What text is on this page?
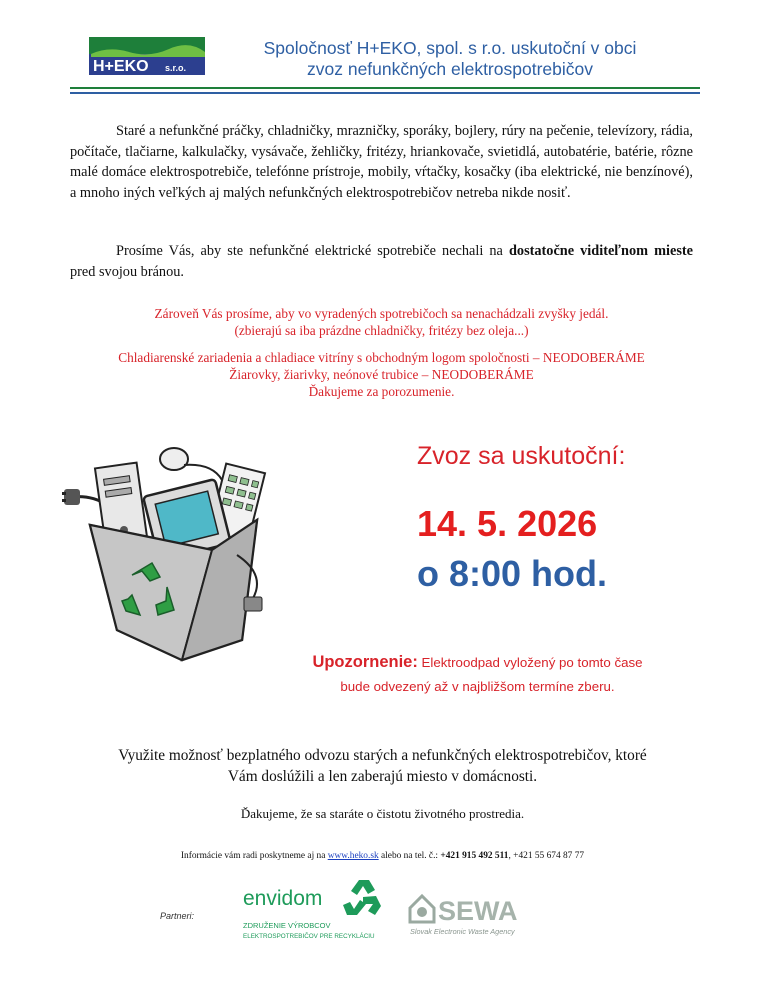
H+EKO s.r.o.
Spoločnosť H+EKO, spol. s r.o. uskutoční v obci
zvoz nefunkčných elektrospotrebičov
Staré a nefunkčné práčky, chladničky, mrazničky, sporáky, bojlery, rúry na pečenie, televízory, rádia, počítače, tlačiarne, kalkulačky, vysávače, žehličky, fritézy, hriankovače, svietidlá, autobatérie, batérie, rôzne malé domáce elektrospotrebiče, telefónne prístroje, mobily, vŕtačky, kosačky (iba elektrické, nie benzínové), a mnoho iných veľkých aj malých nefunkčných elektrospotrebičov netreba nikde nosiť.
Prosíme Vás, aby ste nefunkčné elektrické spotrebiče nechali na dostatočne viditeľnom mieste pred svojou bránou.
Zároveň Vás prosíme, aby vo vyradených spotrebičoch sa nenachádzali zvyšky jedál.
(zbierajú sa iba prázdne chladničky, fritézy bez oleja...)
Chladiarenské zariadenia a chladiace vitríny s obchodným logom spoločnosti – NEODOBERÁME
Žiarovky, žiarivky, neónové trubice – NEODOBERÁME
Ďakujeme za porozumenie.
Zvoz sa uskutoční:
14. 5. 2026
o 8:00 hod.
Upozornenie: Elektroodpad vyložený po tomto čase
bude odvezený až v najbližšom termíne zberu.
Využite možnosť bezplatného odvozu starých a nefunkčných elektrospotrebičov, ktoré
Vám doslúžili a len zaberajú miesto v domácnosti.
Ďakujeme, že sa staráte o čistotu životného prostredia.
Informácie vám radi poskytneme aj na www.heko.sk alebo na tel. č.: +421 915 492 511, +421 55 674 87 77
Partneri:
envidom
ZDRUŽENIE VÝROBCOV
ELEKTROSPOTREBIČOV PRE RECYKLÁCIU
SEWA
Slovak Electronic Waste Agency
